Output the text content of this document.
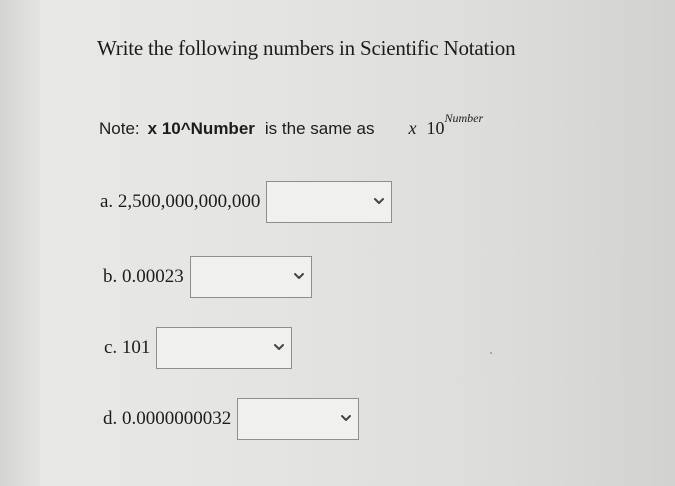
Write the following numbers in Scientific Notation
Note: x 10^Number is the same as x $10^{Number}$
a. 2,500,000,000,000
b. 0.00023
c. 101
d. 0.0000000032
